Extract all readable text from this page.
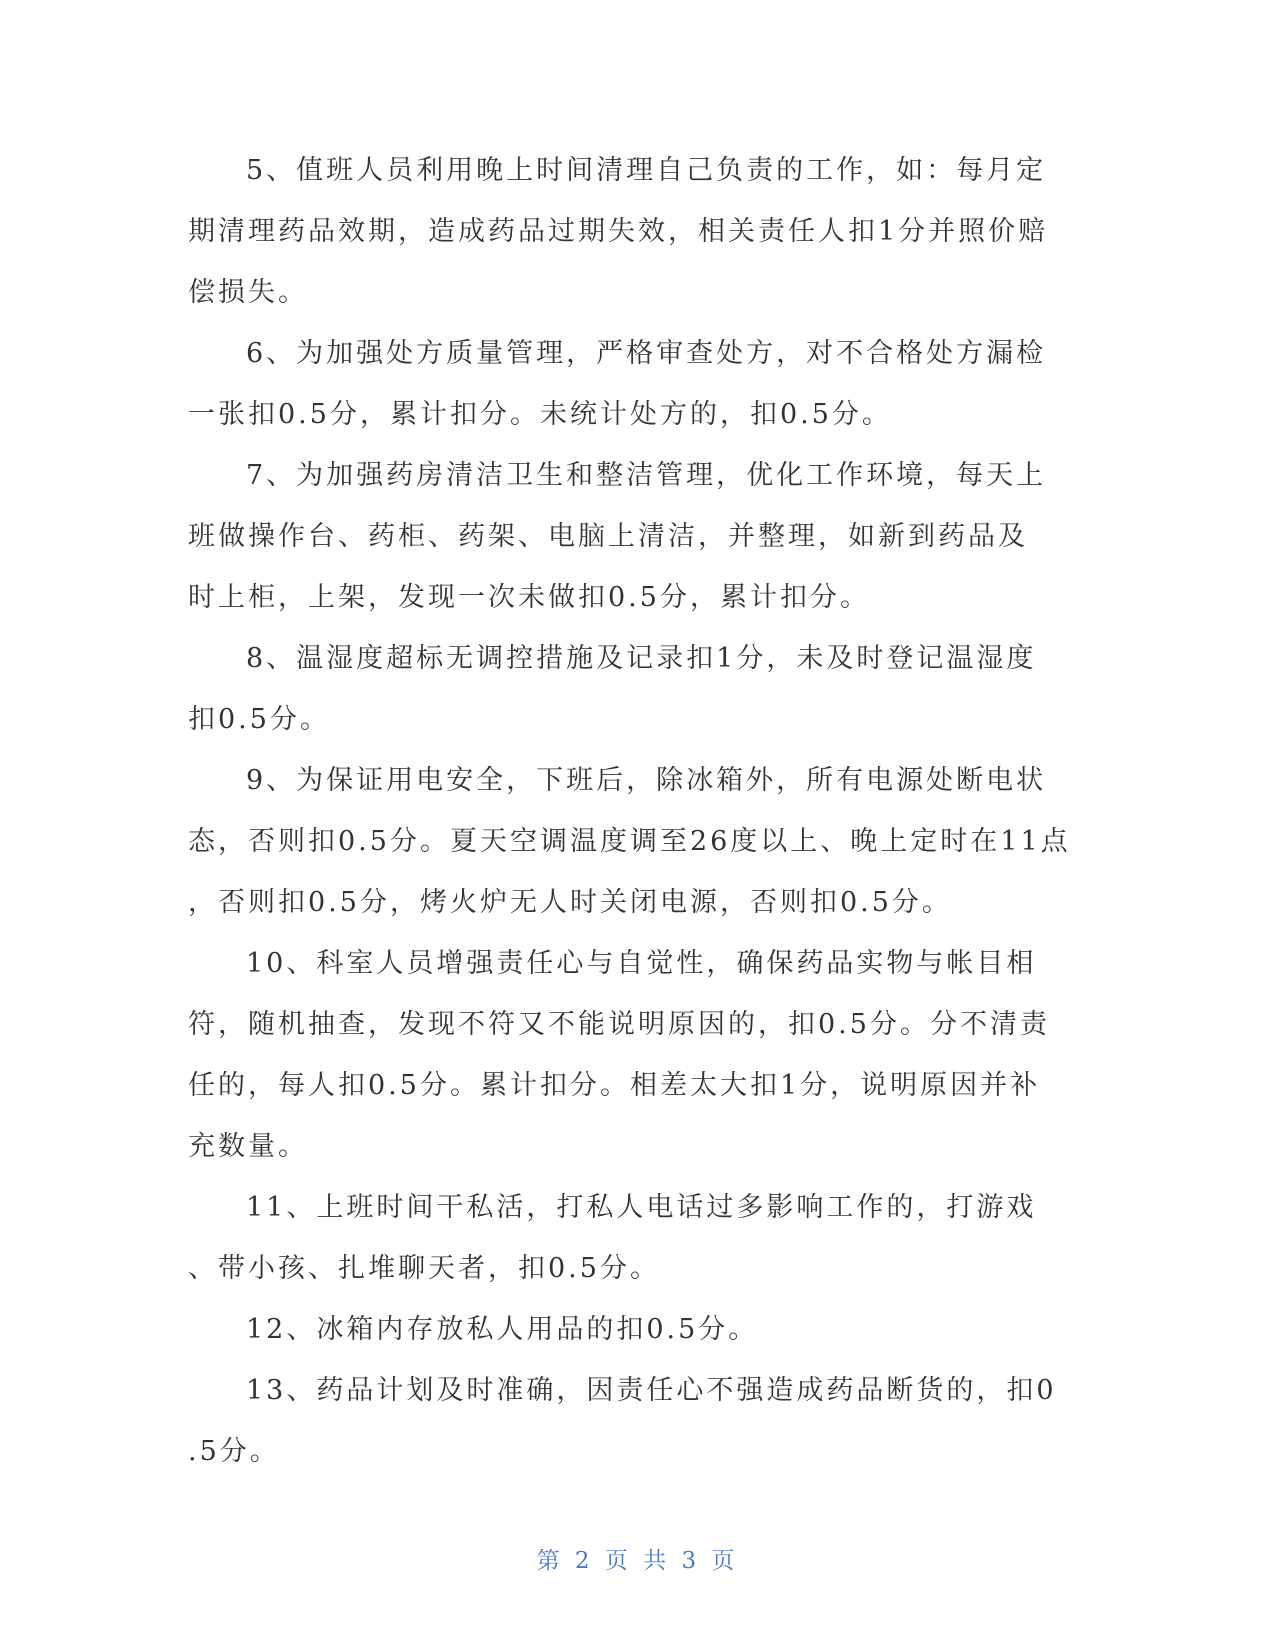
5、值班人员利用晚上时间清理自己负责的工作，如：每月定
期清理药品效期，造成药品过期失效，相关责任人扣1分并照价赔
偿损失。
6、为加强处方质量管理，严格审查处方，对不合格处方漏检
一张扣0.5分，累计扣分。未统计处方的，扣0.5分。
7、为加强药房清洁卫生和整洁管理，优化工作环境，每天上
班做操作台、药柜、药架、电脑上清洁，并整理，如新到药品及
时上柜，上架，发现一次未做扣0.5分，累计扣分。
8、温湿度超标无调控措施及记录扣1分，未及时登记温湿度
扣0.5分。
9、为保证用电安全，下班后，除冰箱外，所有电源处断电状
态，否则扣0.5分。夏天空调温度调至26度以上、晚上定时在11点
，否则扣0.5分，烤火炉无人时关闭电源，否则扣0.5分。
10、科室人员增强责任心与自觉性，确保药品实物与帐目相
符，随机抽查，发现不符又不能说明原因的，扣0.5分。分不清责
任的，每人扣0.5分。累计扣分。相差太大扣1分，说明原因并补
充数量。
11、上班时间干私活，打私人电话过多影响工作的，打游戏
、带小孩、扎堆聊天者，扣0.5分。
12、冰箱内存放私人用品的扣0.5分。
13、药品计划及时准确，因责任心不强造成药品断货的，扣0
.5分。
第 2 页 共 3 页
